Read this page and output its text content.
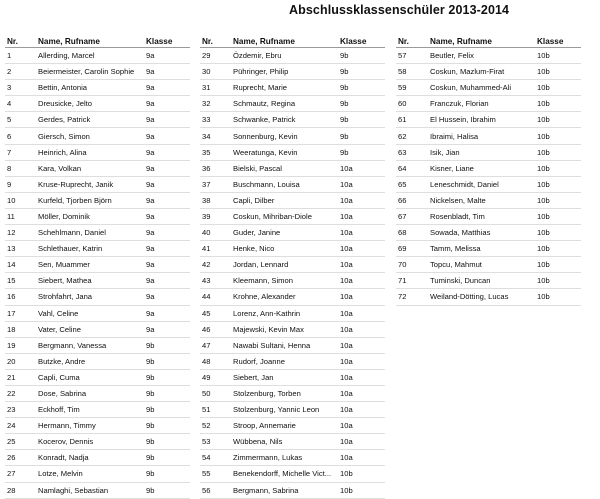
Abschlussklassenschüler 2013-2014
Nr.	Name, Rufname	Klasse
1	Allerding, Marcel	9a
2	Beiermeister, Carolin Sophie	9a
3	Bettin, Antonia	9a
4	Dreusicke, Jelto	9a
5	Gerdes, Patrick	9a
6	Giersch, Simon	9a
7	Heinrich, Alina	9a
8	Kara, Volkan	9a
9	Kruse-Ruprecht, Janik	9a
10	Kurfeld, Tjorben Björn	9a
11	Möller, Dominik	9a
12	Schehlmann, Daniel	9a
13	Schlethauer, Katrin	9a
14	Sen, Muammer	9a
15	Siebert, Mathea	9a
16	Strohfahrt, Jana	9a
17	Vahl, Celine	9a
18	Vater, Celine	9a
19	Bergmann, Vanessa	9b
20	Butzke, Andre	9b
21	Capli, Cuma	9b
22	Dose, Sabrina	9b
23	Eckhoff, Tim	9b
24	Hermann, Timmy	9b
25	Kocerov, Dennis	9b
26	Konradt, Nadja	9b
27	Lotze, Melvin	9b
28	Namlaghi, Sebastian	9b
Nr.	Name, Rufname	Klasse
29	Özdemir, Ebru	9b
30	Pühringer, Philip	9b
31	Ruprecht, Marie	9b
32	Schmautz, Regina	9b
33	Schwanke, Patrick	9b
34	Sonnenburg, Kevin	9b
35	Weeratunga, Kevin	9b
36	Bielski, Pascal	10a
37	Buschmann, Louisa	10a
38	Capli, Dilber	10a
39	Coskun, Mihriban-Diole	10a
40	Guder, Janine	10a
41	Henke, Nico	10a
42	Jordan, Lennard	10a
43	Kleemann, Simon	10a
44	Krohne, Alexander	10a
45	Lorenz, Ann-Kathrin	10a
46	Majewski, Kevin Max	10a
47	Nawabi Sultani, Henna	10a
48	Rudorf, Joanne	10a
49	Siebert, Jan	10a
50	Stolzenburg, Torben	10a
51	Stolzenburg, Yannic Leon	10a
52	Stroop, Annemarie	10a
53	Wübbena, Nils	10a
54	Zimmermann, Lukas	10a
55	Benekendorff, Michelle Vict...	10b
56	Bergmann, Sabrina	10b
Nr.	Name, Rufname	Klasse
57	Beutler, Felix	10b
58	Coskun, Mazlum-Firat	10b
59	Coskun, Muhammed-Ali	10b
60	Franczuk, Florian	10b
61	El Hussein, Ibrahim	10b
62	Ibraimi, Halisa	10b
63	Isik, Jian	10b
64	Kisner, Liane	10b
65	Leneschmidt, Daniel	10b
66	Nickelsen, Malte	10b
67	Rosenbladt, Tim	10b
68	Sowada, Matthias	10b
69	Tamm, Melissa	10b
70	Topcu, Mahmut	10b
71	Tuminski, Duncan	10b
72	Weiland-Dötting, Lucas	10b
